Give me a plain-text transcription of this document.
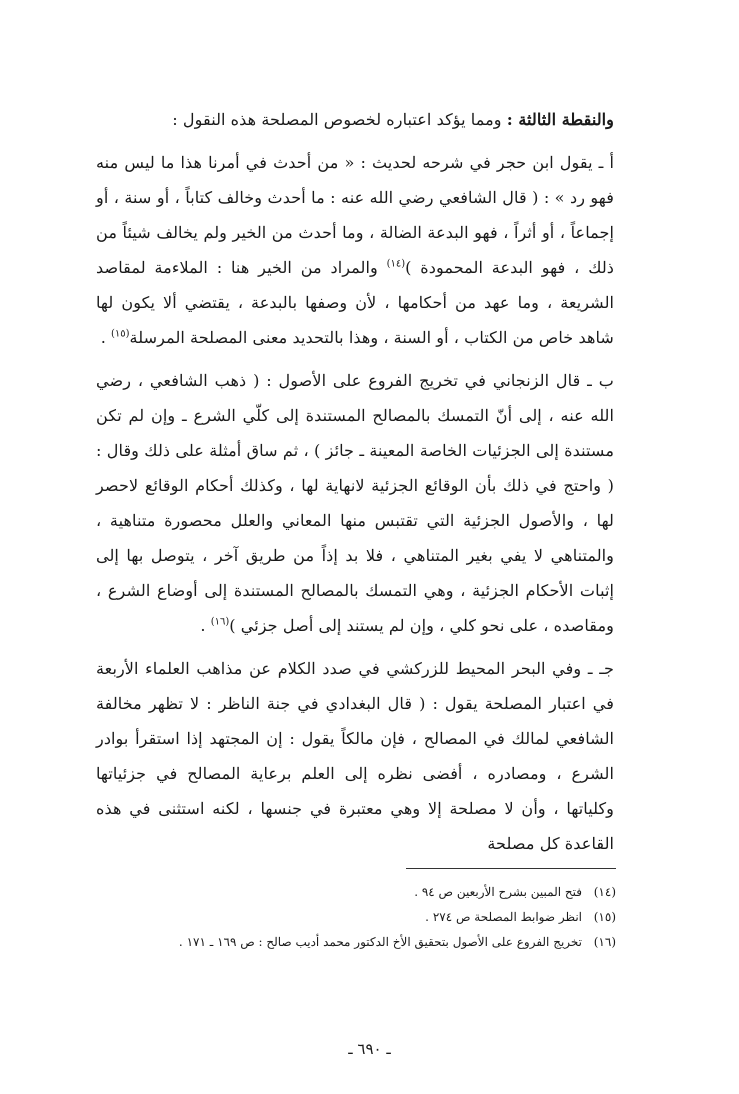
والنقطة الثالثة : ومما يؤكد اعتباره لخصوص المصلحة هذه النقول :

أ ـ يقول ابن حجر في شرحه لحديث : « من أحدث في أمرنا هذا ما ليس منه فهو رد » : ( قال الشافعي رضي الله عنه : ما أحدث وخالف كتاباً ، أو سنة ، أو إجماعاً ، أو أثراً ، فهو البدعة الضالة ، وما أحدث من الخير ولم يخالف شيئاً من ذلك ، فهو البدعة المحمودة )$^{(١٤)}$ والمراد من الخير هنا : الملاءمة لمقاصد الشريعة ، وما عهد من أحكامها ، لأن وصفها بالبدعة ، يقتضي ألا يكون لها شاهد خاص من الكتاب ، أو السنة ، وهذا بالتحديد معنى المصلحة المرسلة$^{(١٥)}$ .

ب ـ قال الزنجاني في تخريج الفروع على الأصول : ( ذهب الشافعي ، رضي الله عنه ، إلى أنّ التمسك بالمصالح المستندة إلى كلّي الشرع ـ وإن لم تكن مستندة إلى الجزئيات الخاصة المعينة ـ جائز ) ، ثم ساق أمثلة على ذلك وقال : ( واحتج في ذلك بأن الوقائع الجزئية لانهاية لها ، وكذلك أحكام الوقائع لاحصر لها ، والأصول الجزئية التي تقتبس منها المعاني والعلل محصورة متناهية ، والمتناهي لا يفي بغير المتناهي ، فلا بد إذاً من طريق آخر ، يتوصل بها إلى إثبات الأحكام الجزئية ، وهي التمسك بالمصالح المستندة إلى أوضاع الشرع ، ومقاصده ، على نحو كلي ، وإن لم يستند إلى أصل جزئي )$^{(١٦)}$ .

جـ ـ وفي البحر المحيط للزركشي في صدد الكلام عن مذاهب العلماء الأربعة في اعتبار المصلحة يقول : ( قال البغدادي في جنة الناظر : لا تظهر مخالفة الشافعي لمالك في المصالح ، فإن مالكاً يقول : إن المجتهد إذا استقرأ بوادر الشرع ، ومصادره ، أفضى نظره إلى العلم برعاية المصالح في جزئياتها وكلياتها ، وأن لا مصلحة إلا وهي معتبرة في جنسها ، لكنه استثنى في هذه القاعدة كل مصلحة

(١٤)
فتح المبين بشرح الأربعين ص ٩٤ .
(١٥)
انظر ضوابط المصلحة ص ٢٧٤ .
(١٦)
تخريج الفروع على الأصول بتحقيق الأخ الدكتور محمد أديب صالح : ص ١٦٩ ـ ١٧١ .
ـ ٦٩٠ ـ
